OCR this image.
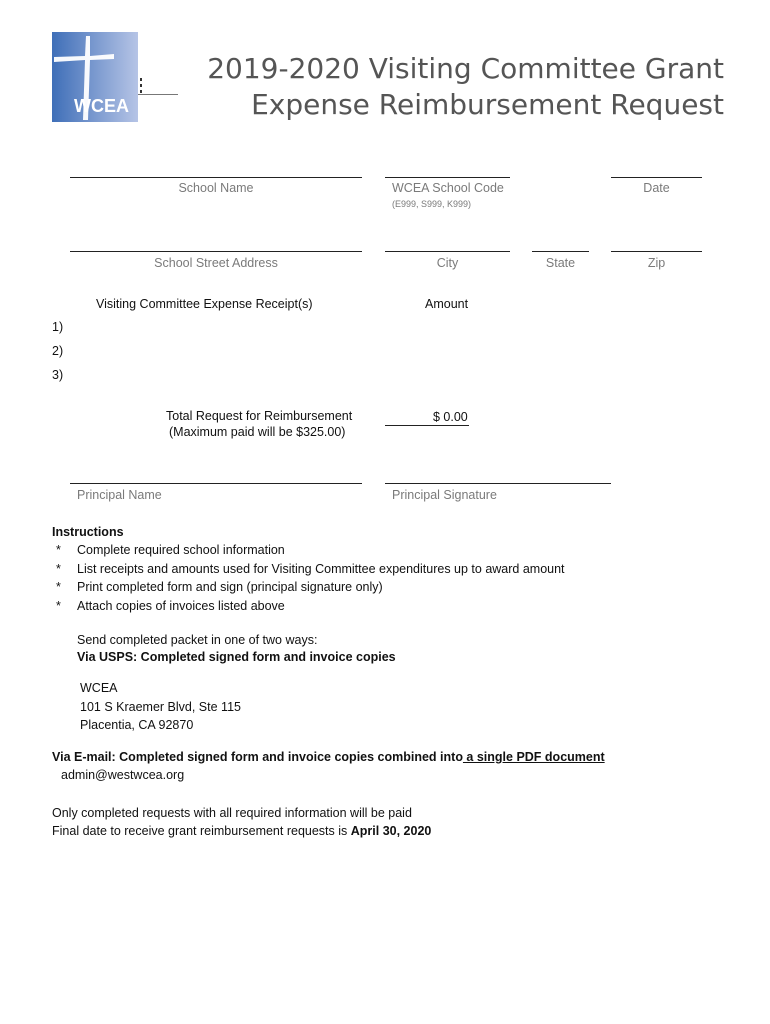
WCEA
2019-2020 Visiting Committee Grant
Expense Reimbursement Request
School Name	WCEA School Code
(E999, S999, K999)
Date
School Street Address	City	State	Zip
Visiting Committee Expense Receipt(s)	Amount
1)
2)
3)
Total Request for Reimbursement
(Maximum paid will be $325.00)
$ 0.00
Principal Name	Principal Signature
Instructions
* Complete required school information
* List receipts and amounts used for Visiting Committee expenditures up to award amount
* Print completed form and sign (principal signature only)
* Attach copies of invoices listed above
Send completed packet in one of two ways:
Via USPS: Completed signed form and invoice copies
WCEA
101 S Kraemer Blvd, Ste 115
Placentia, CA 92870
Via E-mail: Completed signed form and invoice copies combined into a single PDF document
admin@westwcea.org
Only completed requests with all required information will be paid
Final date to receive grant reimbursement requests is April 30, 2020
